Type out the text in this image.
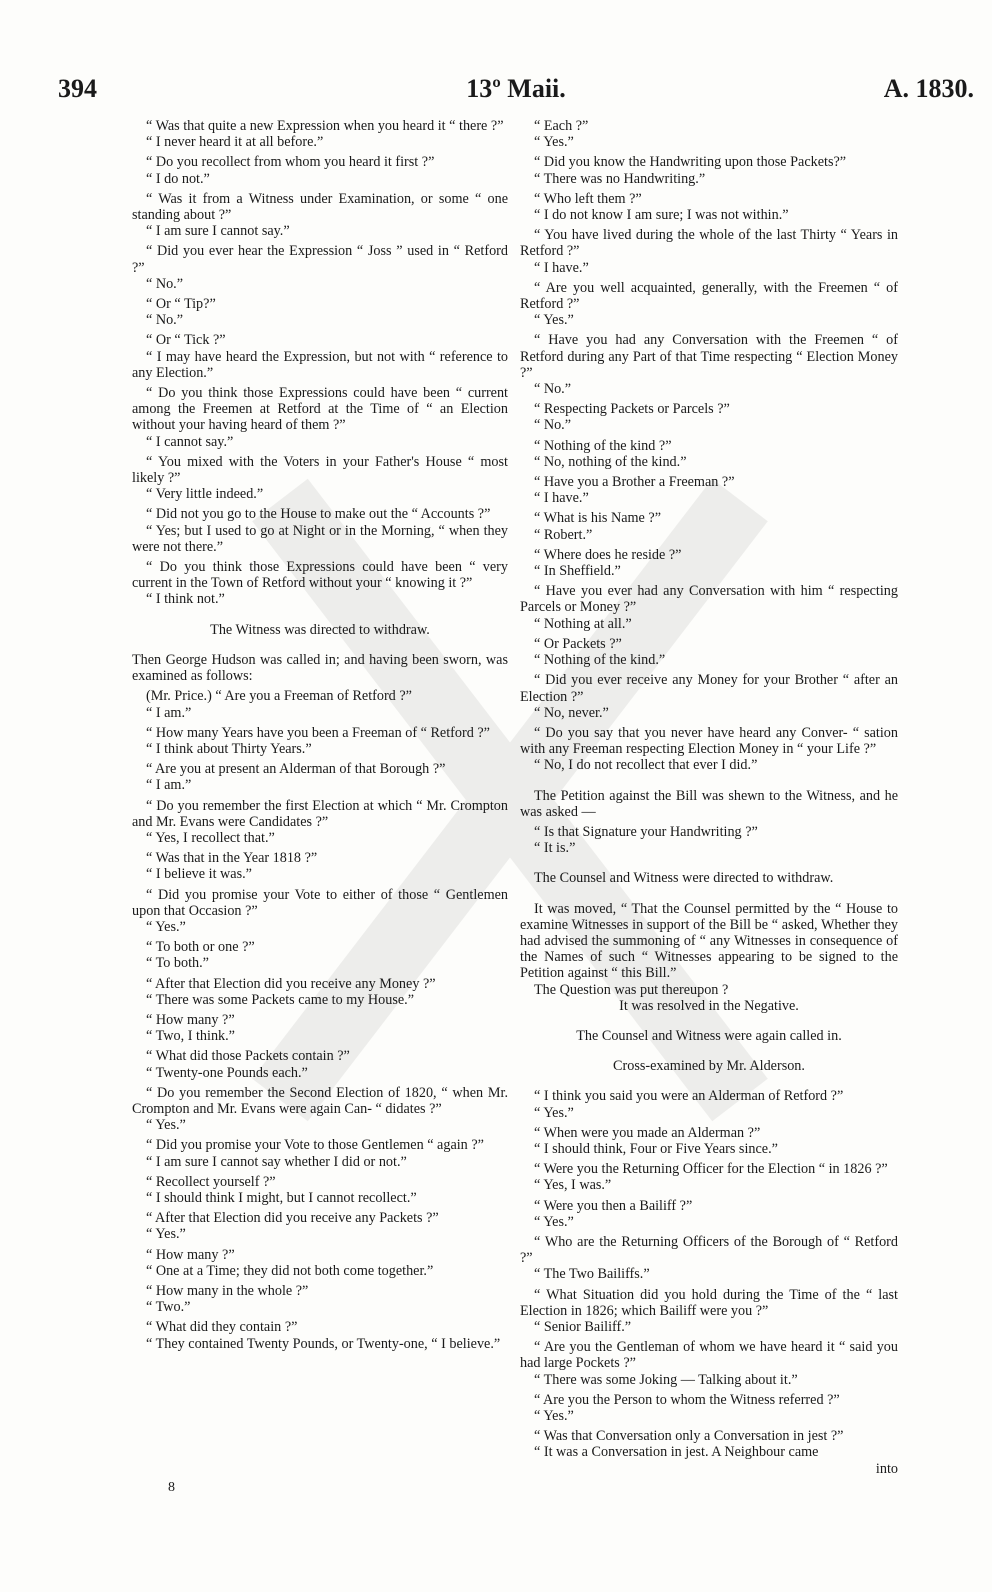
394	13º Maii.	A. 1830.

“ Was that quite a new Expression when you heard it “ there ?”

“ I never heard it at all before.”

“ Do you recollect from whom you heard it first ?”

“ I do not.”

“ Was it from a Witness under Examination, or some “ one standing about ?”

“ I am sure I cannot say.”

“ Did you ever hear the Expression “ Joss ” used in “ Retford ?”

“ No.”

“ Or “ Tip?”

“ No.”

“ Or “ Tick ?”

“ I may have heard the Expression, but not with “ reference to any Election.”

“ Do you think those Expressions could have been “ current among the Freemen at Retford at the Time of “ an Election without your having heard of them ?”

“ I cannot say.”

“ You mixed with the Voters in your Father's House “ most likely ?”

“ Very little indeed.”

“ Did not you go to the House to make out the “ Accounts ?”

“ Yes; but I used to go at Night or in the Morning, “ when they were not there.”

“ Do you think those Expressions could have been “ very current in the Town of Retford without your “ knowing it ?”

“ I think not.”

The Witness was directed to withdraw.

Then George Hudson was called in; and having been sworn, was examined as follows:

(Mr. Price.) “ Are you a Freeman of Retford ?”

“ I am.”

“ How many Years have you been a Freeman of “ Retford ?”

“ I think about Thirty Years.”

“ Are you at present an Alderman of that Borough ?”

“ I am.”

“ Do you remember the first Election at which “ Mr. Crompton and Mr. Evans were Candidates ?”

“ Yes, I recollect that.”

“ Was that in the Year 1818 ?”

“ I believe it was.”

“ Did you promise your Vote to either of those “ Gentlemen upon that Occasion ?”

“ Yes.”

“ To both or one ?”

“ To both.”

“ After that Election did you receive any Money ?”

“ There was some Packets came to my House.”

“ How many ?”

“ Two, I think.”

“ What did those Packets contain ?”

“ Twenty-one Pounds each.”

“ Do you remember the Second Election of 1820, “ when Mr. Crompton and Mr. Evans were again Can- “ didates ?”

“ Yes.”

“ Did you promise your Vote to those Gentlemen “ again ?”

“ I am sure I cannot say whether I did or not.”

“ Recollect yourself ?”

“ I should think I might, but I cannot recollect.”

“ After that Election did you receive any Packets ?”

“ Yes.”

“ How many ?”

“ One at a Time; they did not both come together.”

“ How many in the whole ?”

“ Two.”

“ What did they contain ?”

“ They contained Twenty Pounds, or Twenty-one, “ I believe.”

“ Each ?”

“ Yes.”

“ Did you know the Handwriting upon those Packets?”

“ There was no Handwriting.”

“ Who left them ?”

“ I do not know I am sure; I was not within.”

“ You have lived during the whole of the last Thirty “ Years in Retford ?”

“ I have.”

“ Are you well acquainted, generally, with the Freemen “ of Retford ?”

“ Yes.”

“ Have you had any Conversation with the Freemen “ of Retford during any Part of that Time respecting “ Election Money ?”

“ No.”

“ Respecting Packets or Parcels ?”

“ No.”

“ Nothing of the kind ?”

“ No, nothing of the kind.”

“ Have you a Brother a Freeman ?”

“ I have.”

“ What is his Name ?”

“ Robert.”

“ Where does he reside ?”

“ In Sheffield.”

“ Have you ever had any Conversation with him “ respecting Parcels or Money ?”

“ Nothing at all.”

“ Or Packets ?”

“ Nothing of the kind.”

“ Did you ever receive any Money for your Brother “ after an Election ?”

“ No, never.”

“ Do you say that you never have heard any Conver- “ sation with any Freeman respecting Election Money in “ your Life ?”

“ No, I do not recollect that ever I did.”

The Petition against the Bill was shewn to the Witness, and he was asked —

“ Is that Signature your Handwriting ?”

“ It is.”

The Counsel and Witness were directed to withdraw.

It was moved, “ That the Counsel permitted by the “ House to examine Witnesses in support of the Bill be “ asked, Whether they had advised the summoning of “ any Witnesses in consequence of the Names of such “ Witnesses appearing to be signed to the Petition against “ this Bill.”

The Question was put thereupon ?

It was resolved in the Negative.

The Counsel and Witness were again called in.

Cross-examined by Mr. Alderson.

“ I think you said you were an Alderman of Retford ?”

“ Yes.”

“ When were you made an Alderman ?”

“ I should think, Four or Five Years since.”

“ Were you the Returning Officer for the Election “ in 1826 ?”

“ Yes, I was.”

“ Were you then a Bailiff ?”

“ Yes.”

“ Who are the Returning Officers of the Borough of “ Retford ?”

“ The Two Bailiffs.”

“ What Situation did you hold during the Time of the “ last Election in 1826; which Bailiff were you ?”

“ Senior Bailiff.”

“ Are you the Gentleman of whom we have heard it “ said you had large Pockets ?”

“ There was some Joking — Talking about it.”

“ Are you the Person to whom the Witness referred ?”

“ Yes.”

“ Was that Conversation only a Conversation in jest ?”

“ It was a Conversation in jest. A Neighbour came

into

8
